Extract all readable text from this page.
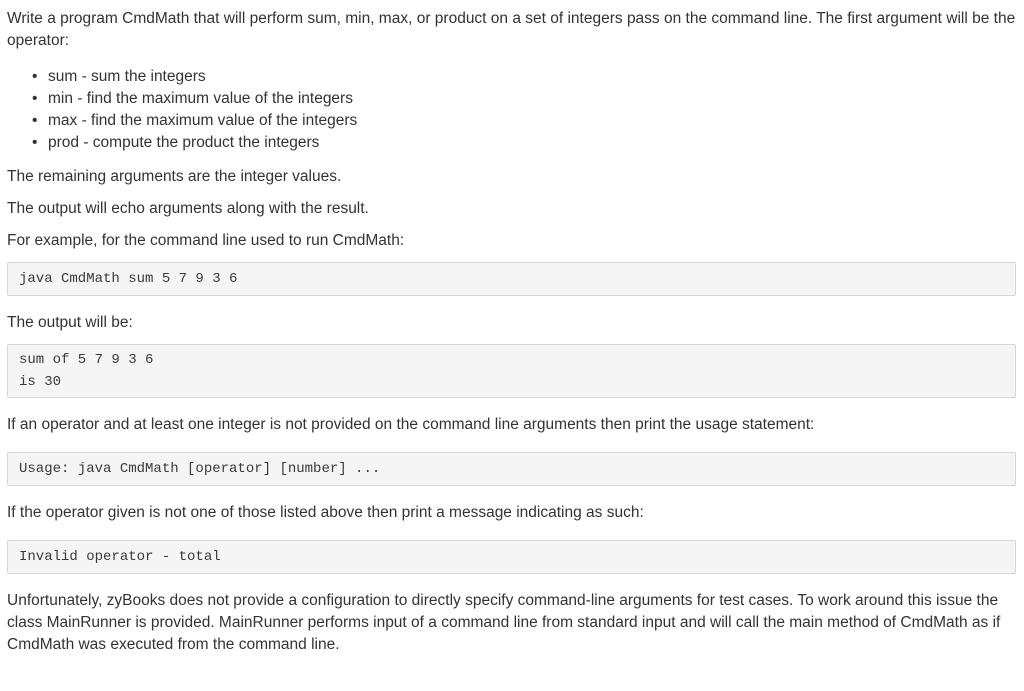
Write a program CmdMath that will perform sum, min, max, or product on a set of integers pass on the command line. The first argument will be the operator:

• sum - sum the integers
• min - find the maximum value of the integers
• max - find the maximum value of the integers
• prod - compute the product the integers

The remaining arguments are the integer values.

The output will echo arguments along with the result.

For example, for the command line used to run CmdMath:

java CmdMath sum 5 7 9 3 6

The output will be:

sum of 5 7 9 3 6
is 30

If an operator and at least one integer is not provided on the command line arguments then print the usage statement:

Usage: java CmdMath [operator] [number] ...

If the operator given is not one of those listed above then print a message indicating as such:

Invalid operator - total

Unfortunately, zyBooks does not provide a configuration to directly specify command-line arguments for test cases. To work around this issue the class MainRunner is provided. MainRunner performs input of a command line from standard input and will call the main method of CmdMath as if CmdMath was executed from the command line.
